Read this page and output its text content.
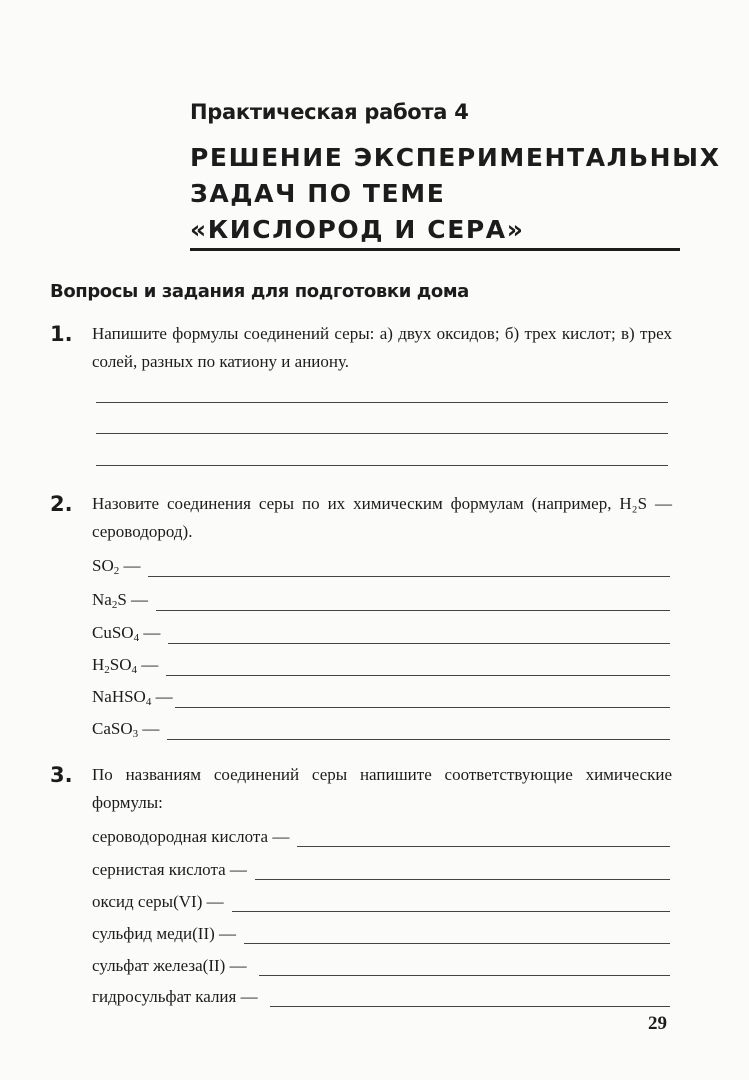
Практическая работа 4
РЕШЕНИЕ ЭКСПЕРИМЕНТАЛЬНЫХ
ЗАДАЧ ПО ТЕМЕ
«КИСЛОРОД И СЕРА»
Вопросы и задания для подготовки дома
1. Напишите формулы соединений серы: а) двух оксидов; б) трех кислот; в) трех солей, разных по катиону и аниону.
2. Назовите соединения серы по их химическим формулам (например, H₂S — сероводород).
$SO_2$ —
$Na_2S$ —
CuSO$_4$ —
$H_2SO_4$ —
NaHSO$_4$ —
CaSO$_3$ —
3. По названиям соединений серы напишите соответствующие химические формулы:
сероводородная кислота —
сернистая кислота —
оксид серы(VI) —
сульфид меди(II) —
сульфат железа(II) —
гидросульфат калия —
29
